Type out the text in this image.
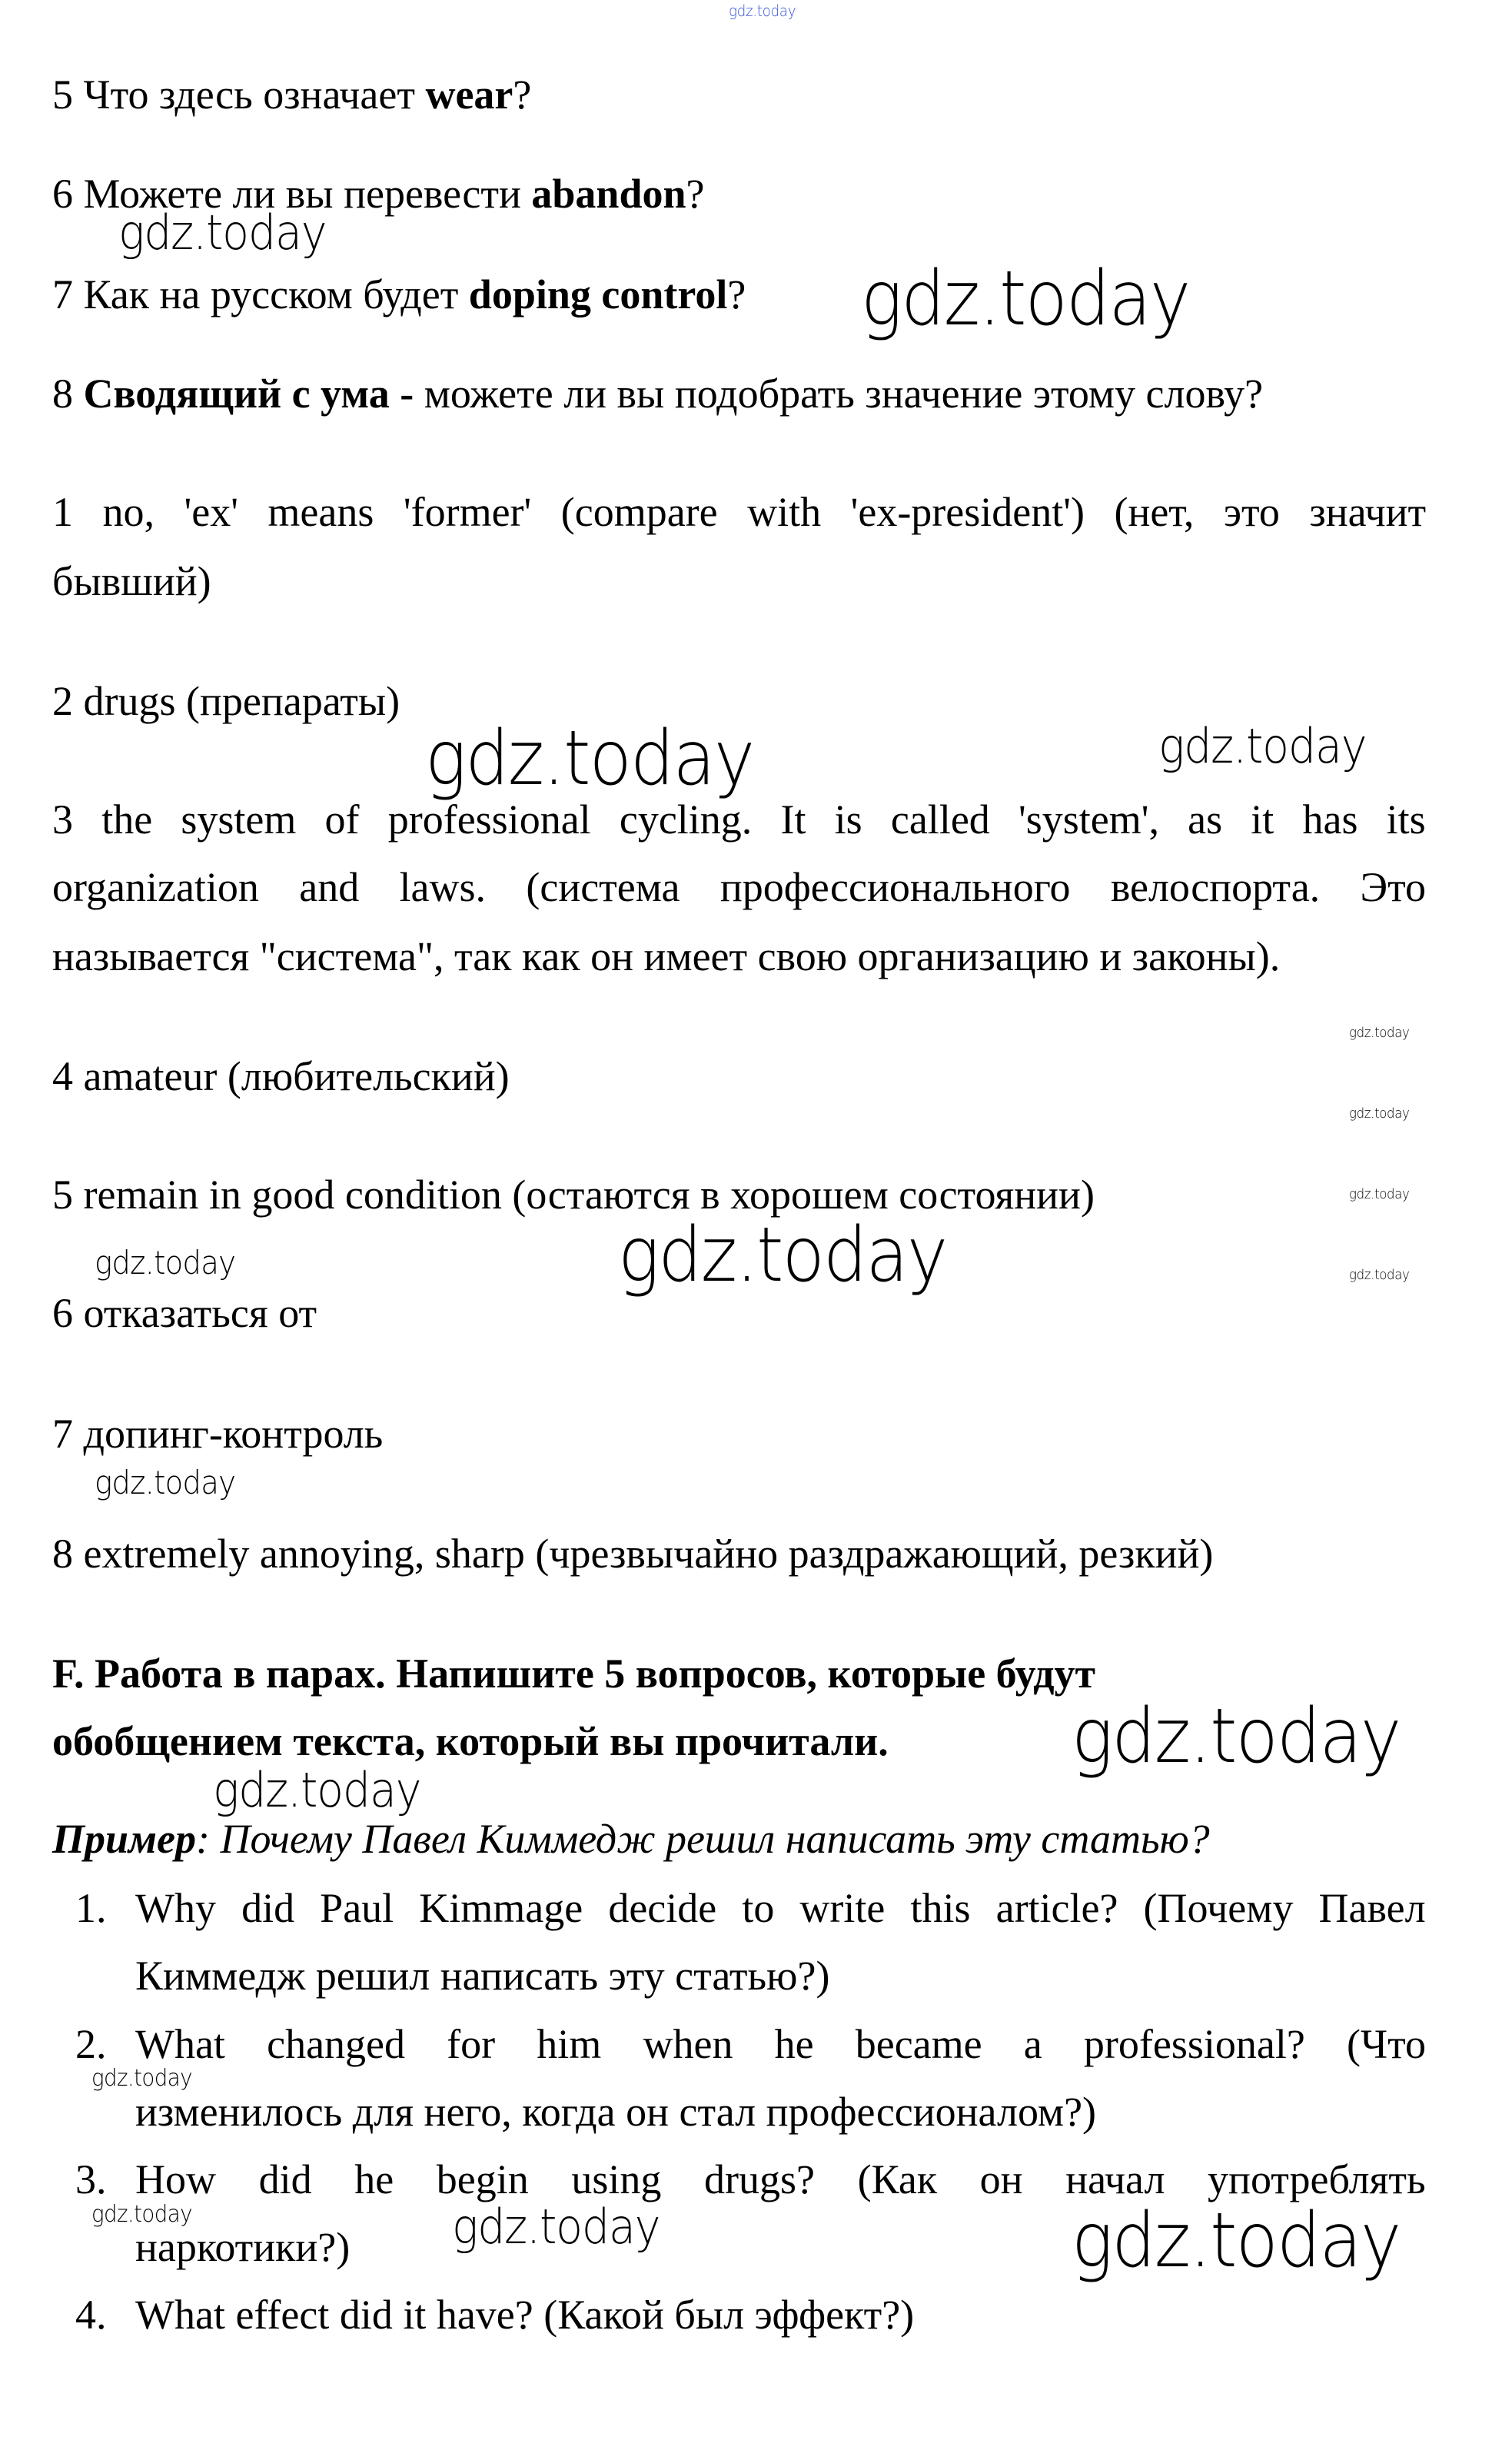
5 Что здесь означает wear?
6 Можете ли вы перевести abandon?
7 Как на русском будет doping control?
8 Сводящий с ума - можете ли вы подобрать значение этому слову?
1 no, 'ex' means 'former' (compare with 'ex-president') (нет, это значит
бывший)
2 drugs (препараты)
3 the system of professional cycling. It is called 'system', as it has its
organization and laws. (система профессионального велоспорта. Это
называется "система", так как он имеет свою организацию и законы).
4 amateur (любительский)
5 remain in good condition (остаются в хорошем состоянии)
6 отказаться от
7 допинг-контроль
8 extremely annoying, sharp (чрезвычайно раздражающий, резкий)
F. Работа в парах. Напишите 5 вопросов, которые будут
обобщением текста, который вы прочитали.
Пример: Почему Павел Киммедж решил написать эту статью?
1. Why did Paul Kimmage decide to write this article? (Почему Павел
Киммедж решил написать эту статью?)
2. What changed for him when he became a professional? (Что
изменилось для него, когда он стал профессионалом?)
3. How did he begin using drugs? (Как он начал употреблять
наркотики?)
4. What effect did it have? (Какой был эффект?)
gdz.today
gdz.today
gdz.today
gdz.today	gdz.today
gdz.today
gdz.today
gdz.today
gdz.today
gdz.today
gdz.today
gdz.today
gdz.today
gdz.today
gdz.today
gdz.today	gdz.today	gdz.today
